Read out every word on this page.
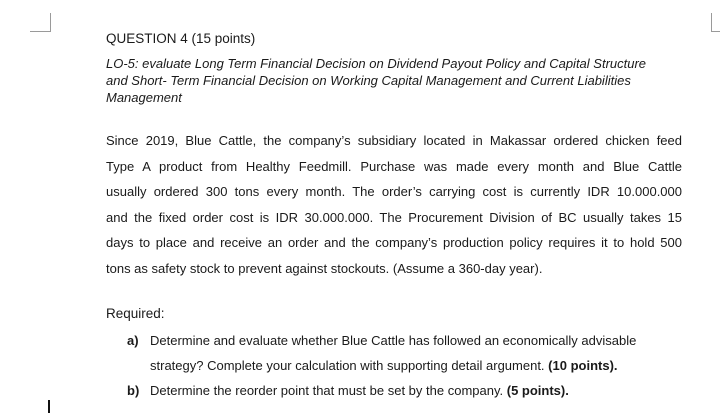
QUESTION 4 (15 points)
LO-5: evaluate Long Term Financial Decision on Dividend Payout Policy and Capital Structure
and Short- Term Financial Decision on Working Capital Management and Current Liabilities
Management
Since 2019, Blue Cattle, the company’s subsidiary located in Makassar ordered chicken feed
Type A product from Healthy Feedmill. Purchase was made every month and Blue Cattle
usually ordered 300 tons every month. The order’s carrying cost is currently IDR 10.000.000
and the fixed order cost is IDR 30.000.000. The Procurement Division of BC usually takes 15
days to place and receive an order and the company’s production policy requires it to hold 500
tons as safety stock to prevent against stockouts. (Assume a 360-day year).
Required:
a) Determine and evaluate whether Blue Cattle has followed an economically advisable
strategy? Complete your calculation with supporting detail argument. (10 points).
b) Determine the reorder point that must be set by the company. (5 points).
